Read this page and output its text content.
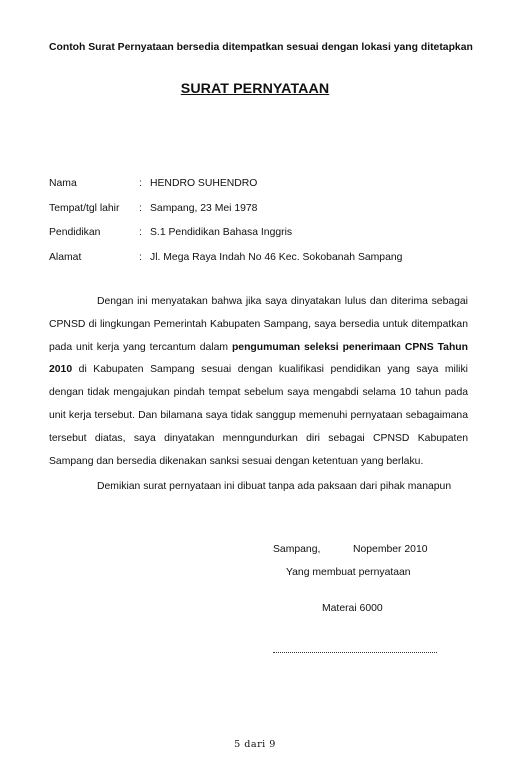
Contoh Surat Pernyataan bersedia ditempatkan sesuai dengan lokasi yang ditetapkan
SURAT PERNYATAAN
Nama	: HENDRO SUHENDRO
Tempat/tgl lahir : Sampang, 23 Mei 1978
Pendidikan	: S.1 Pendidikan Bahasa Inggris
Alamat	: Jl. Mega Raya Indah No 46 Kec. Sokobanah Sampang

Dengan ini menyatakan bahwa jika saya dinyatakan lulus dan diterima sebagai CPNSD di lingkungan Pemerintah Kabupaten Sampang, saya bersedia untuk ditempatkan pada unit kerja yang tercantum dalam pengumuman seleksi penerimaan CPNS Tahun 2010 di Kabupaten Sampang sesuai dengan kualifikasi pendidikan yang saya miliki dengan tidak mengajukan pindah tempat sebelum saya mengabdi selama 10 tahun pada unit kerja tersebut. Dan bilamana saya tidak sanggup memenuhi pernyataan sebagaimana tersebut diatas, saya dinyatakan menngundurkan diri sebagai CPNSD Kabupaten Sampang dan bersedia dikenakan sanksi sesuai dengan ketentuan yang berlaku.

Demikian surat pernyataan ini dibuat tanpa ada paksaan dari pihak manapun

Sampang,	Nopember 2010
Yang membuat pernyataan
Materai 6000
5 dari 9
